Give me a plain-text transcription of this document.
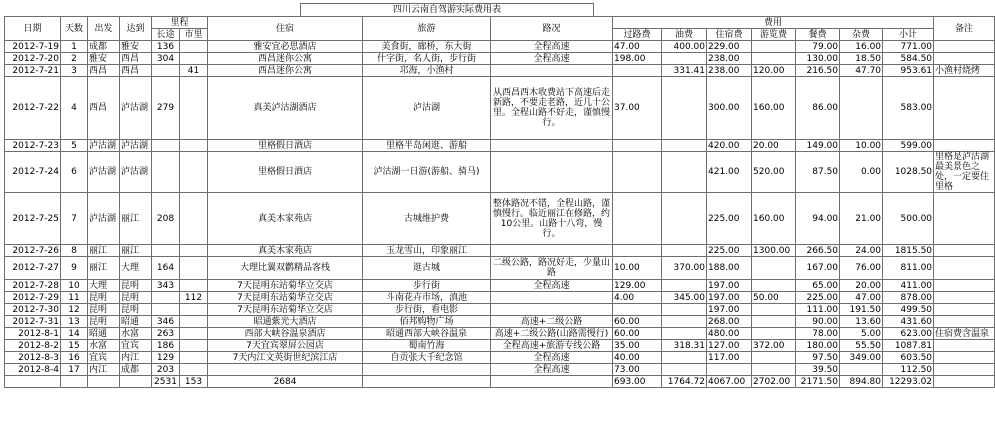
四川云南自驾游实际费用表
日期	天数	出发	达到	里程		住宿	旅游	路况	费用							备注
				长途	市里				过路费	油费	住宿费	游览费	餐费	杂费	小计	
2012-7-19	1	成都	雅安	136		雅安宜必思酒店	美食街，廊桥，东大街	全程高速	47.00	400.00	229.00		79.00	16.00	771.00	
2012-7-20	2	雅安	西昌	304		西昌迷你公寓	什字街，名人街，步行街	全程高速	198.00		238.00		130.00	18.50	584.50	
2012-7-21	3	西昌	西昌		41	西昌迷你公寓	邛海，小渔村			331.41	238.00	120.00	216.50	47.70	953.61	小渔村烧烤
2012-7-22	4	西昌	泸沽湖	279		真美泸沽湖酒店	泸沽湖	从西昌西木收费站下高速后走新路，不要走老路，近几十公里。全程山路不好走，谨慎慢行。	37.00		300.00	160.00	86.00		583.00	
2012-7-23	5	泸沽湖	泸沽湖			里格假日酒店	里格半岛闲逛、游船				420.00	20.00	149.00	10.00	599.00	
2012-7-24	6	泸沽湖	泸沽湖			里格假日酒店	泸沽湖一日游(游船、骑马)				421.00	520.00	87.50	0.00	1028.50	里格是泸沽湖最美景色之处，一定要住里格
2012-7-25	7	泸沽湖	丽江	208		真美木家苑店	古城维护费	整体路况不错，全程山路，谨慎慢行。临近丽江在修路，约10公里。山路十八弯，慢行。			225.00	160.00	94.00	21.00	500.00	
2012-7-26	8	丽江	丽江			真美木家苑店	玉龙雪山，印象丽江				225.00	1300.00	266.50	24.00	1815.50	
2012-7-27	9	丽江	大理	164		大理比翼双鹳精品客栈	逛古城	二级公路，路况好走，少量山路	10.00	370.00	188.00		167.00	76.00	811.00	
2012-7-28	10	大理	昆明	343		7天昆明东站菊华立交店	步行街	全程高速	129.00		197.00		65.00	20.00	411.00	
2012-7-29	11	昆明	昆明		112	7天昆明东站菊华立交店	斗南花卉市场，滇池		4.00	345.00	197.00	50.00	225.00	47.00	878.00	
2012-7-30	12	昆明	昆明			7天昆明东站菊华立交店	步行街，看电影				197.00		111.00	191.50	499.50	
2012-7-31	13	昆明	昭通	346		昭通紫光大酒店	佰邦购物广场	高速+二级公路	60.00		268.00		90.00	13.60	431.60	
2012-8-1	14	昭通	水富	263		西部大峡谷温泉酒店	昭通西部大峡谷温泉	高速+二级公路(山路需慢行)	60.00		480.00		78.00	5.00	623.00	住宿费含温泉
2012-8-2	15	水富	宜宾	186		7天宜宾翠屏公园店	蜀南竹海	全程高速+旅游专线公路	35.00	318.31	127.00	372.00	180.00	55.50	1087.81	
2012-8-3	16	宜宾	内江	129		7天内江文英街世纪滨江店	自贡张大千纪念馆	全程高速	40.00		117.00		97.50	349.00	603.50	
2012-8-4	17	内江	成都	203				全程高速	73.00				39.50		112.50	
				2531	153	2684			693.00	1764.72	4067.00	2702.00	2171.50	894.80	12293.02	
